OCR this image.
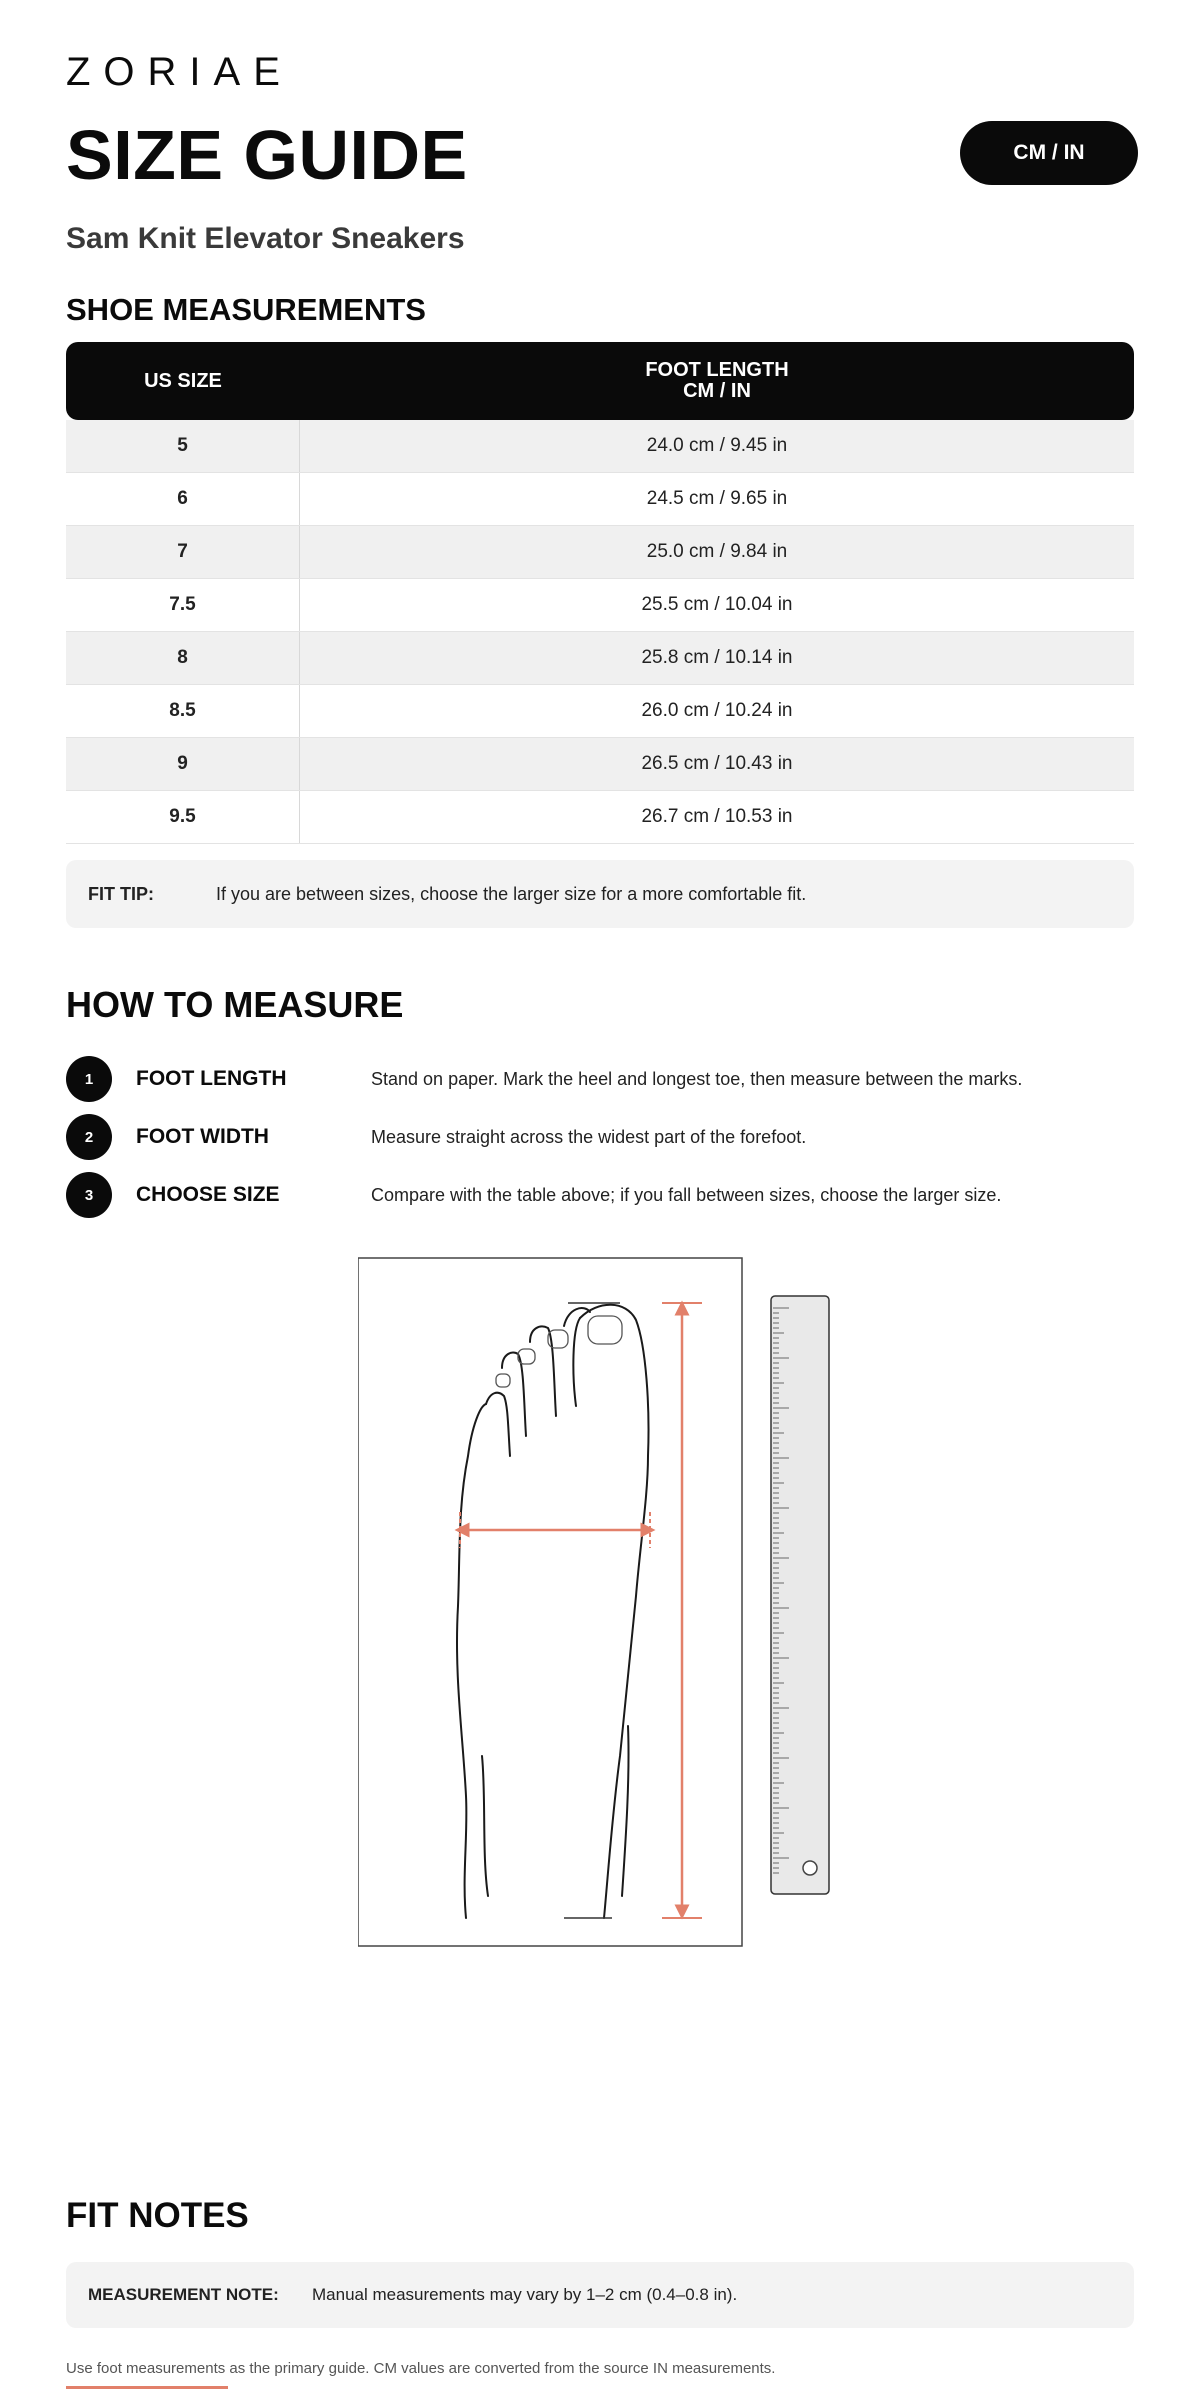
ZORIAE
SIZE GUIDE	CM / IN
Sam Knit Elevator Sneakers
SHOE MEASUREMENTS
US SIZE	FOOT LENGTH
CM / IN
5	24.0 cm / 9.45 in
6	24.5 cm / 9.65 in
7	25.0 cm / 9.84 in
7.5	25.5 cm / 10.04 in
8	25.8 cm / 10.14 in
8.5	26.0 cm / 10.24 in
9	26.5 cm / 10.43 in
9.5	26.7 cm / 10.53 in
FIT TIP:	If you are between sizes, choose the larger size for a more comfortable fit.
HOW TO MEASURE
1	FOOT LENGTH	Stand on paper. Mark the heel and longest toe, then measure between the marks.
2	FOOT WIDTH	Measure straight across the widest part of the forefoot.
3	CHOOSE SIZE	Compare with the table above; if you fall between sizes, choose the larger size.
FIT NOTES
MEASUREMENT NOTE:	Manual measurements may vary by 1–2 cm (0.4–0.8 in).
Use foot measurements as the primary guide. CM values are converted from the source IN measurements.
